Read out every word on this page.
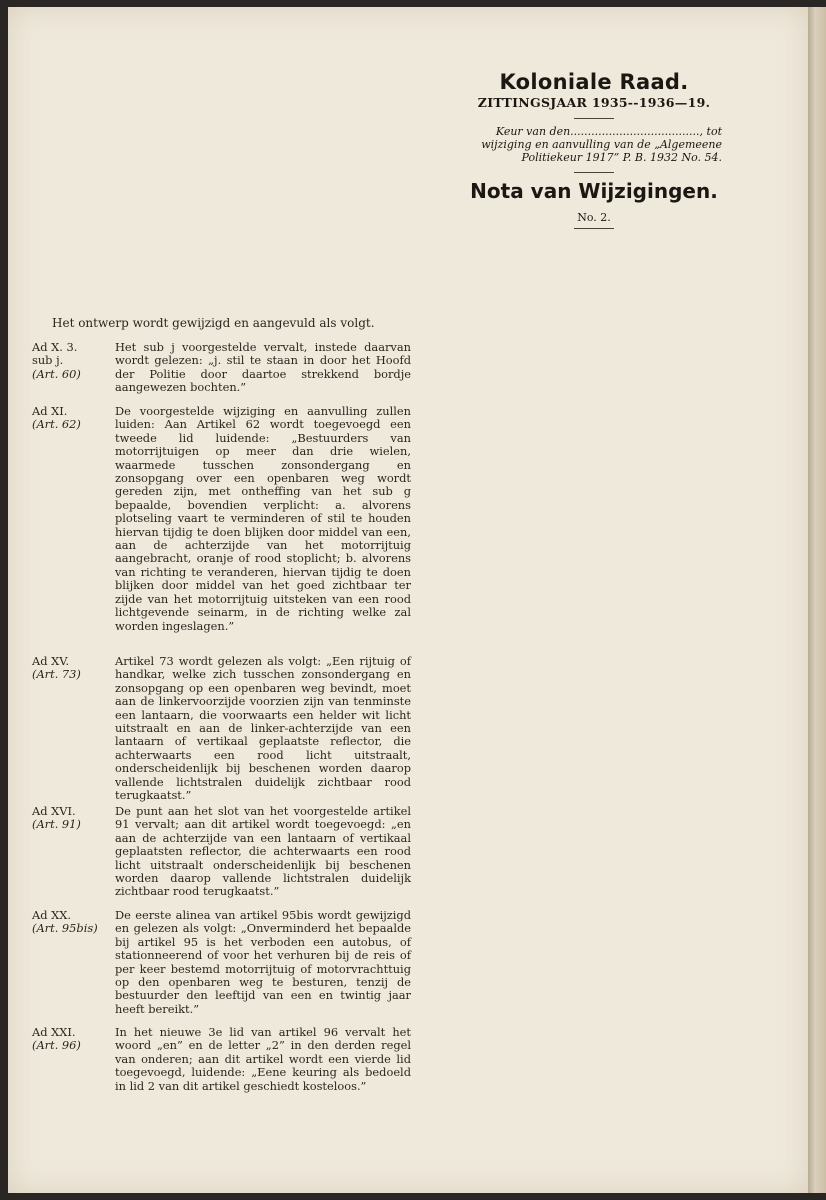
Koloniale Raad.
ZITTINGSJAAR 1935--1936—19.
Keur van den....................................., tot wijziging en aanvulling van de „Algemeene Politiekeur 1917” P. B. 1932 No. 54.
Nota van Wijzigingen.
No. 2.
Het ontwerp wordt gewijzigd en aangevuld als volgt.
Ad X. 3. sub j.
(Art. 60)
Het sub j voorgestelde vervalt, instede daarvan wordt gelezen: „j. stil te staan in door het Hoofd der Politie door daartoe strekkend bordje aangewezen bochten.”
Ad XI.
(Art. 62)
De voorgestelde wijziging en aanvulling zullen luiden: Aan Artikel 62 wordt toegevoegd een tweede lid luidende: „Bestuurders van motorrijtuigen op meer dan drie wielen, waarmede tusschen zonsondergang en zonsopgang over een openbaren weg wordt gereden zijn, met ontheffing van het sub g bepaalde, bovendien verplicht: a. alvorens plotseling vaart te verminderen of stil te houden hiervan tijdig te doen blijken door middel van een, aan de achterzijde van het motorrijtuig aangebracht, oranje of rood stoplicht; b. alvorens van richting te veranderen, hiervan tijdig te doen blijken door middel van het goed zichtbaar ter zijde van het motorrijtuig uitsteken van een rood lichtgevende seinarm, in de richting welke zal worden ingeslagen.”
Ad XV.
(Art. 73)
Artikel 73 wordt gelezen als volgt: „Een rijtuig of handkar, welke zich tusschen zonsondergang en zonsopgang op een openbaren weg bevindt, moet aan de linkervoorzijde voorzien zijn van tenminste een lantaarn, die voorwaarts een helder wit licht uitstraalt en aan de linker-achterzijde van een lantaarn of vertikaal geplaatste reflector, die achterwaarts een rood licht uitstraalt, onderscheidenlijk bij beschenen worden daarop vallende lichtstralen duidelijk zichtbaar rood terugkaatst.”
Ad XVI.
(Art. 91)
De punt aan het slot van het voorgestelde artikel 91 vervalt; aan dit artikel wordt toegevoegd: „en aan de achterzijde van een lantaarn of vertikaal geplaatsten reflector, die achterwaarts een rood licht uitstraalt onderscheidenlijk bij beschenen worden daarop vallende lichtstralen duidelijk zichtbaar rood terugkaatst.”
Ad XX.
(Art. 95bis)
De eerste alinea van artikel 95bis wordt gewijzigd en gelezen als volgt: „Onverminderd het bepaalde bij artikel 95 is het verboden een autobus, of stationneerend of voor het verhuren bij de reis of per keer bestemd motorrijtuig of motorvrachttuig op den openbaren weg te besturen, tenzij de bestuurder den leeftijd van een en twintig jaar heeft bereikt.”
Ad XXI.
(Art. 96)
In het nieuwe 3e lid van artikel 96 vervalt het woord „en” en de letter „2” in den derden regel van onderen; aan dit artikel wordt een vierde lid toegevoegd, luidende: „Eene keuring als bedoeld in lid 2 van dit artikel geschiedt kosteloos.”
